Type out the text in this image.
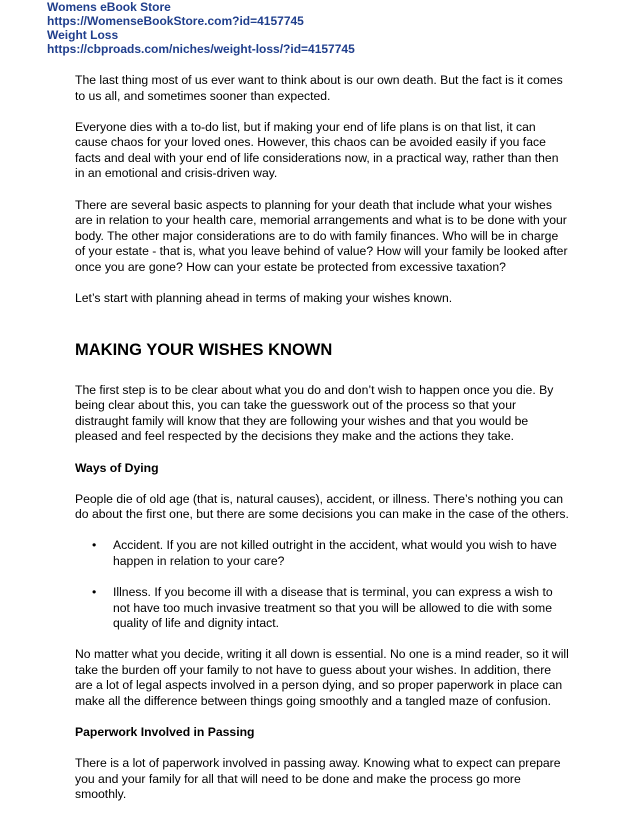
Womens eBook Store
https://WomenseBookStore.com?id=4157745
Weight Loss
https://cbproads.com/niches/weight-loss/?id=4157745

The last thing most of us ever want to think about is our own death. But the fact is it comes to us all, and sometimes sooner than expected.

Everyone dies with a to-do list, but if making your end of life plans is on that list, it can cause chaos for your loved ones. However, this chaos can be avoided easily if you face facts and deal with your end of life considerations now, in a practical way, rather than then in an emotional and crisis-driven way.

There are several basic aspects to planning for your death that include what your wishes are in relation to your health care, memorial arrangements and what is to be done with your body. The other major considerations are to do with family finances. Who will be in charge of your estate - that is, what you leave behind of value? How will your family be looked after once you are gone? How can your estate be protected from excessive taxation?

Let’s start with planning ahead in terms of making your wishes known.

MAKING YOUR WISHES KNOWN

The first step is to be clear about what you do and don’t wish to happen once you die. By being clear about this, you can take the guesswork out of the process so that your distraught family will know that they are following your wishes and that you would be pleased and feel respected by the decisions they make and the actions they take.

Ways of Dying

People die of old age (that is, natural causes), accident, or illness. There’s nothing you can do about the first one, but there are some decisions you can make in the case of the others.

• Accident. If you are not killed outright in the accident, what would you wish to have happen in relation to your care?
• Illness. If you become ill with a disease that is terminal, you can express a wish to not have too much invasive treatment so that you will be allowed to die with some quality of life and dignity intact.

No matter what you decide, writing it all down is essential. No one is a mind reader, so it will take the burden off your family to not have to guess about your wishes. In addition, there are a lot of legal aspects involved in a person dying, and so proper paperwork in place can make all the difference between things going smoothly and a tangled maze of confusion.

Paperwork Involved in Passing

There is a lot of paperwork involved in passing away. Knowing what to expect can prepare you and your family for all that will need to be done and make the process go more smoothly.
